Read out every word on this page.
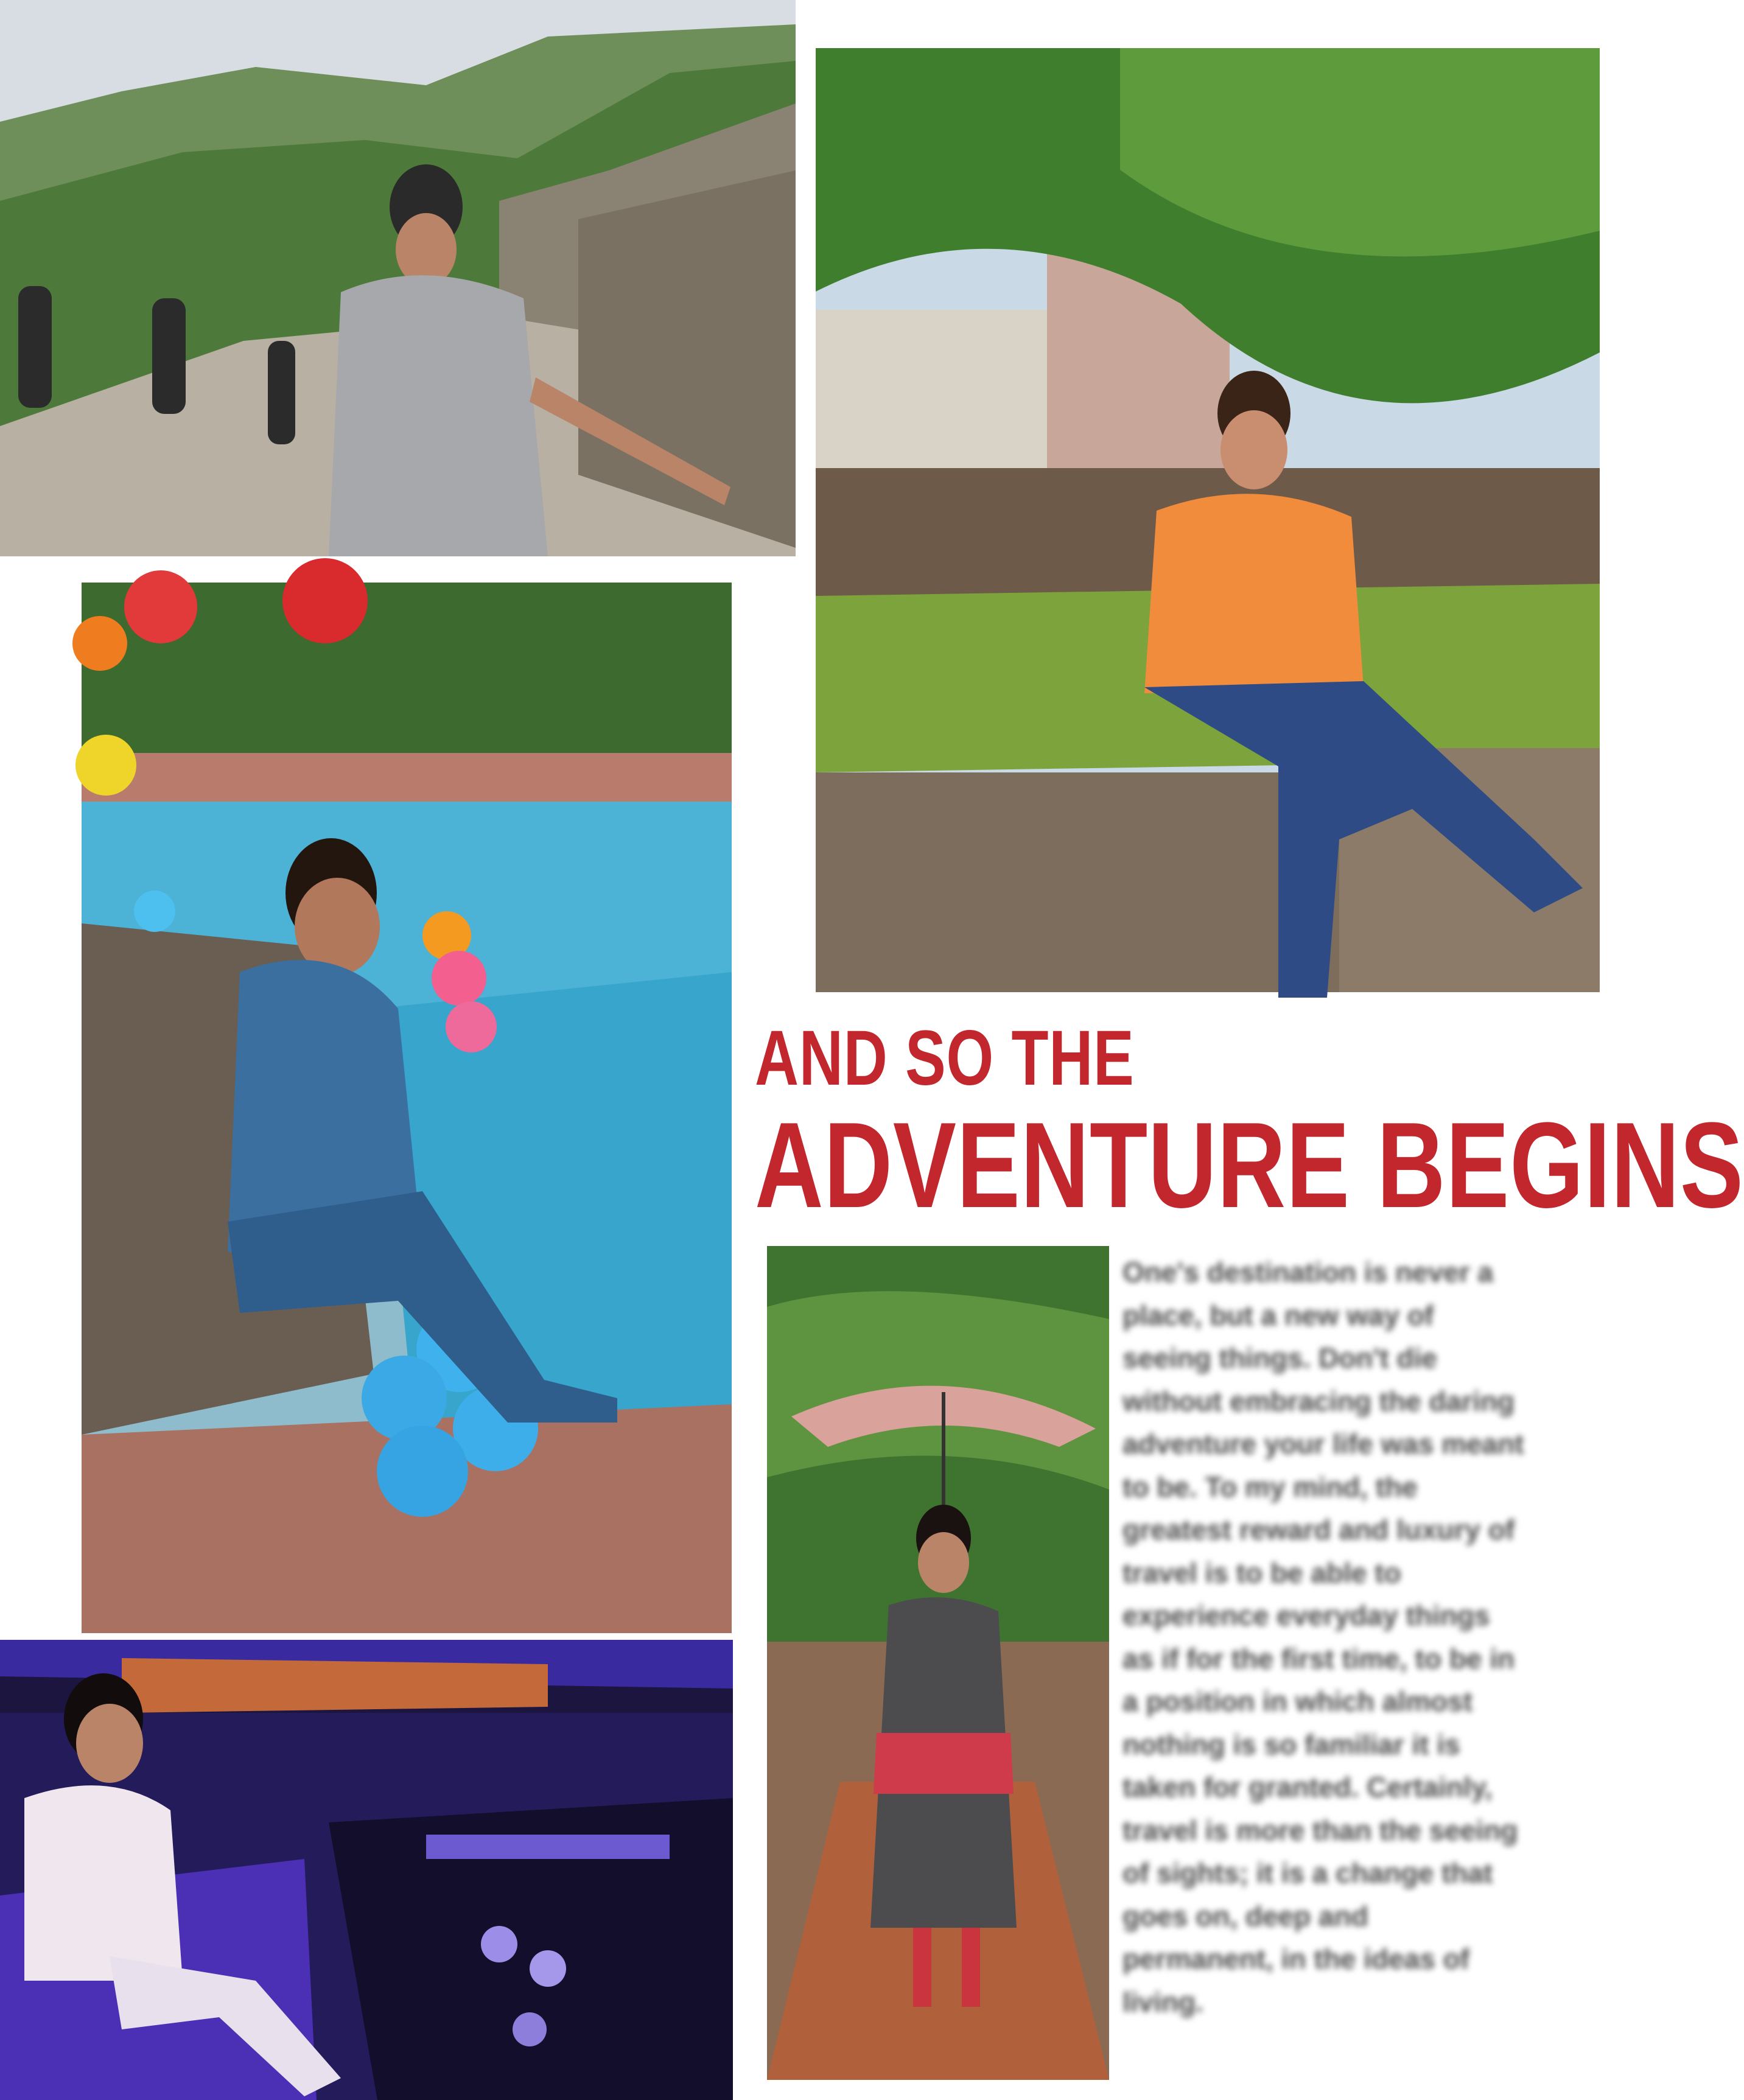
AND SO THE
ADVENTURE BEGINS

One's destination is never a place, but a new way of seeing things. Don't die without embracing the daring adventure your life was meant to be. To my mind, the greatest reward and luxury of travel is to be able to experience everyday things as if for the first time, to be in a position in which almost nothing is so familiar it is taken for granted. Certainly, travel is more than the seeing of sights; it is a change that goes on, deep and permanent, in the ideas of living.
